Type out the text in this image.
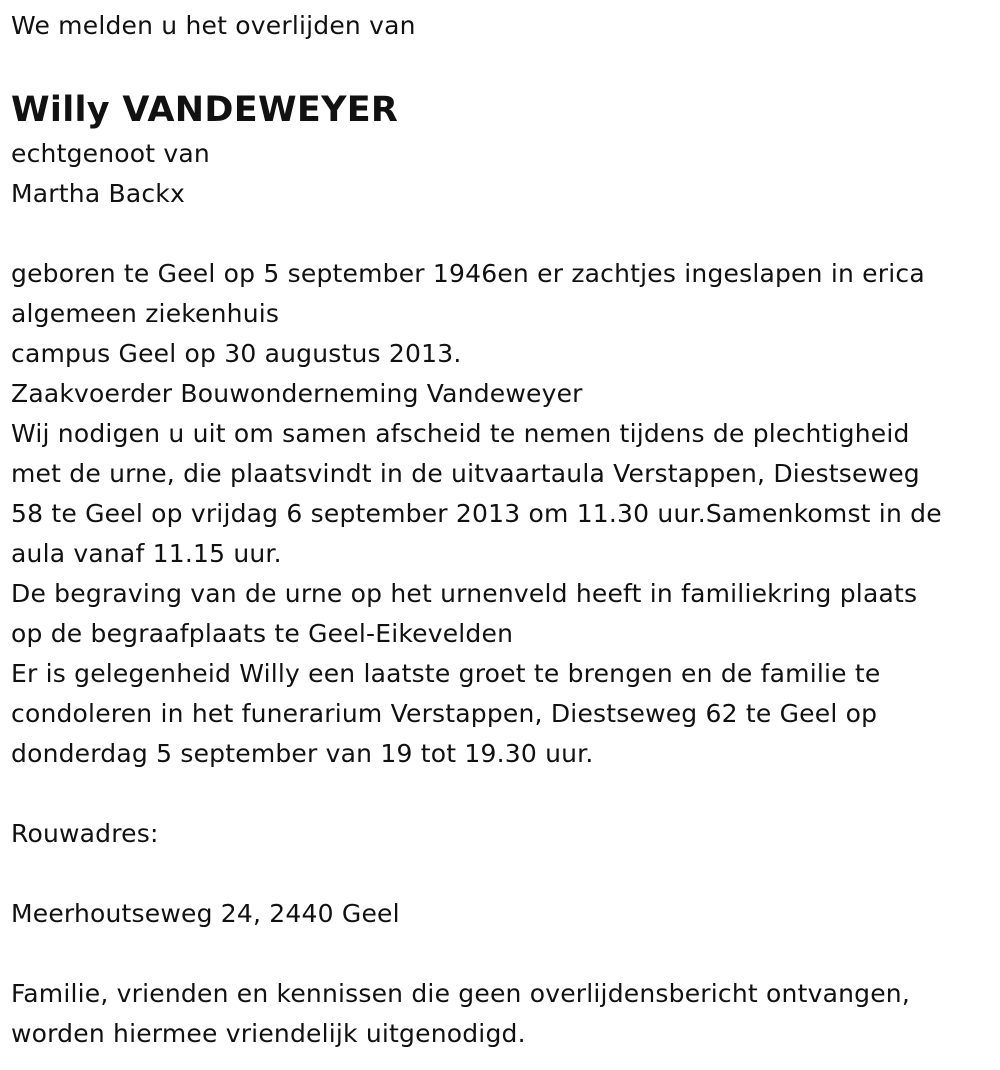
We melden u het overlijden van
Willy VANDEWEYER
echtgenoot van
Martha Backx
geboren te Geel op 5 september 1946en er zachtjes ingeslapen in erica
algemeen ziekenhuis
campus Geel op 30 augustus 2013.
Zaakvoerder Bouwonderneming Vandeweyer
Wij nodigen u uit om samen afscheid te nemen tijdens de plechtigheid
met de urne, die plaatsvindt in de uitvaartaula Verstappen, Diestseweg
58 te Geel op vrijdag 6 september 2013 om 11.30 uur.Samenkomst in de
aula vanaf 11.15 uur.
De begraving van de urne op het urnenveld heeft in familiekring plaats
op de begraafplaats te Geel-Eikevelden
Er is gelegenheid Willy een laatste groet te brengen en de familie te
condoleren in het funerarium Verstappen, Diestseweg 62 te Geel op
donderdag 5 september van 19 tot 19.30 uur.
Rouwadres:
Meerhoutseweg 24, 2440 Geel
Familie, vrienden en kennissen die geen overlijdensbericht ontvangen,
worden hiermee vriendelijk uitgenodigd.
